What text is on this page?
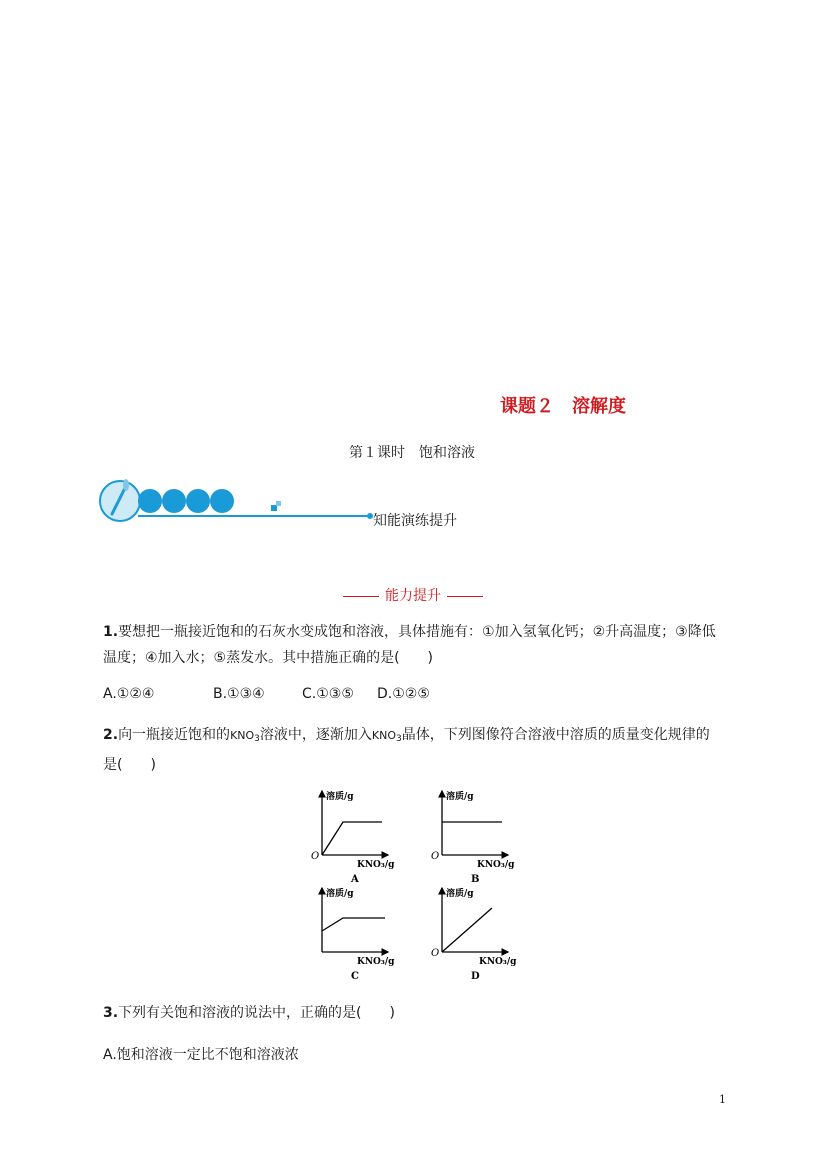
课题２　溶解度
第１课时　饱和溶液
知能演练提升
能力提升
1.要想把一瓶接近饱和的石灰水变成饱和溶液，具体措施有：①加入氢氧化钙；②升高温度；③降低
温度；④加入水；⑤蒸发水。其中措施正确的是(　　)
A.①②④	B.①③④	C.①③⑤ D.①②⑤
2.向一瓶接近饱和的$KNO_3$溶液中，逐渐加入$KNO_3$晶体，下列图像符合溶液中溶质的质量变化规律的
是(　　)
溶质/g
O
KNO₃/g
A
溶质/g
O
KNO₃/g
B
溶质/g
KNO₃/g
C
溶质/g
O
KNO₃/g
D
3.下列有关饱和溶液的说法中，正确的是(　　)
A.饱和溶液一定比不饱和溶液浓
1
